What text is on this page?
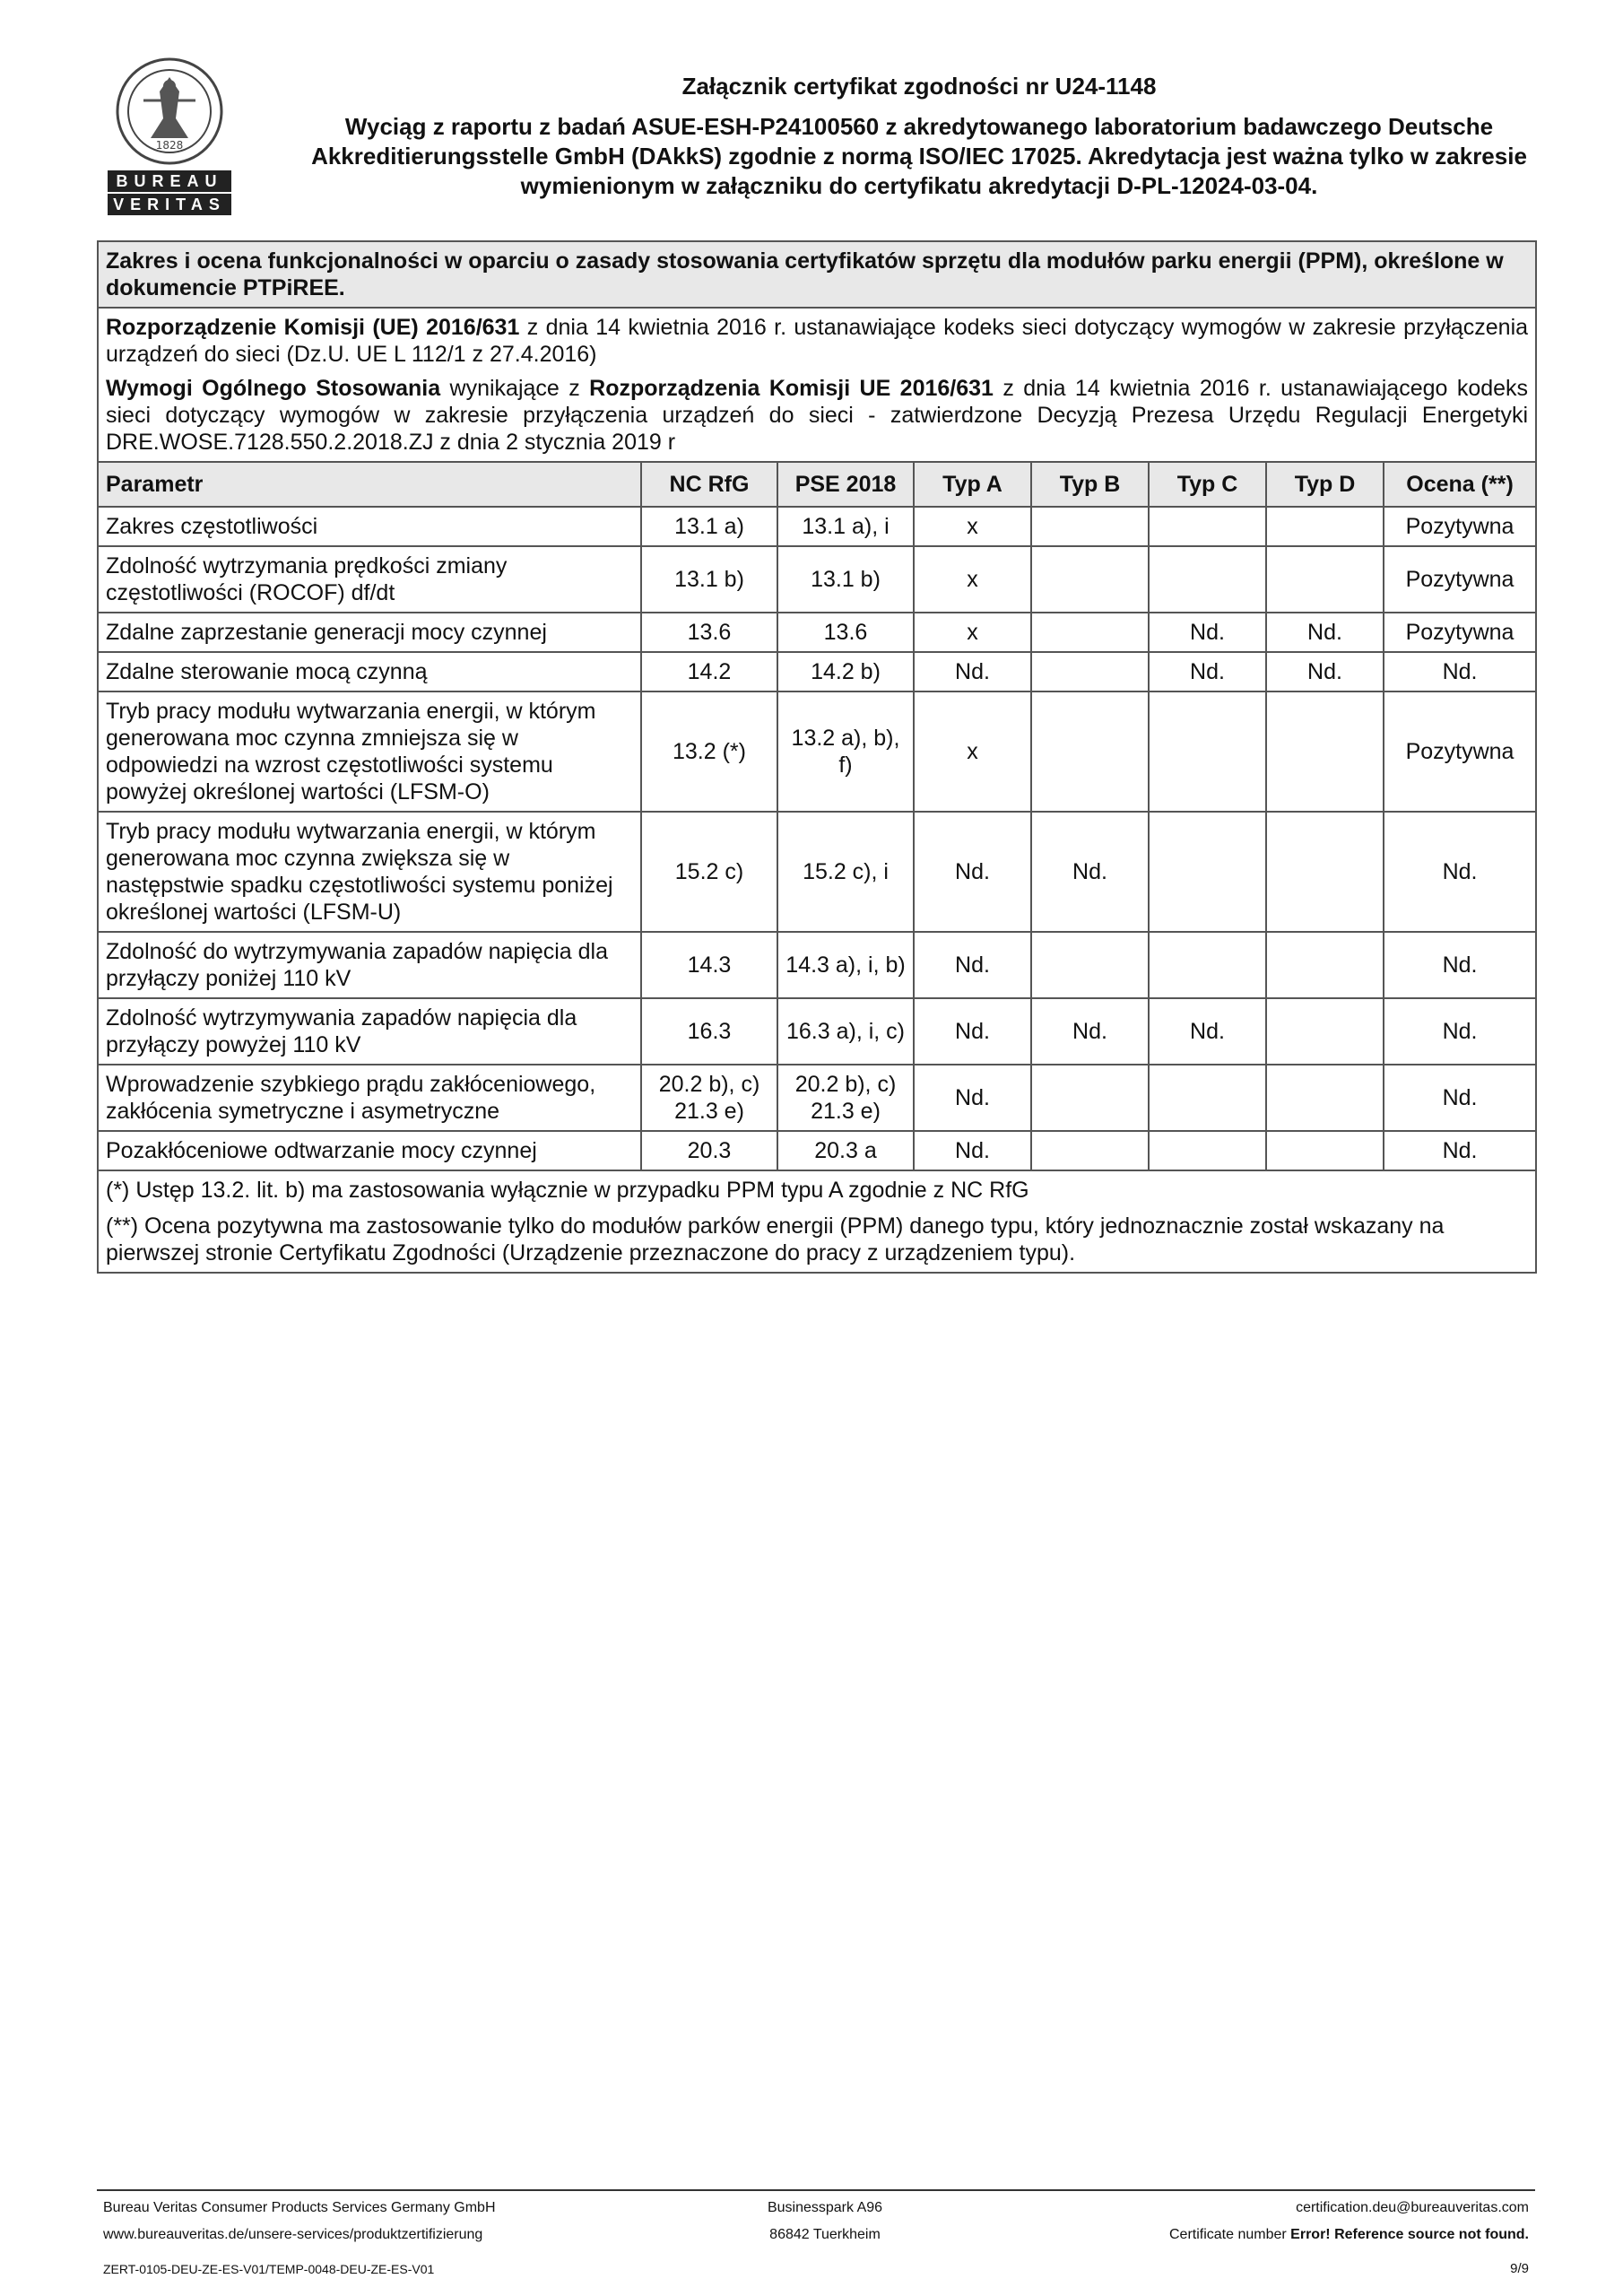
1828
BUREAU
VERITAS
Załącznik certyfikat zgodności nr U24-1148
Wyciąg z raportu z badań ASUE-ESH-P24100560 z akredytowanego laboratorium badawczego Deutsche Akkreditierungsstelle GmbH (DAkkS) zgodnie z normą ISO/IEC 17025. Akredytacja jest ważna tylko w zakresie wymienionym w załączniku do certyfikatu akredytacji D-PL-12024-03-04.
Zakres i ocena funkcjonalności w oparciu o zasady stosowania certyfikatów sprzętu dla modułów parku energii (PPM), określone w dokumencie PTPiREE.							

Rozporządzenie Komisji (UE) 2016/631 z dnia 14 kwietnia 2016 r. ustanawiające kodeks sieci dotyczący wymogów w zakresie przyłączenia urządzeń do sieci (Dz.U. UE L 112/1 z 27.4.2016)

Wymogi Ogólnego Stosowania wynikające z Rozporządzenia Komisji UE 2016/631 z dnia 14 kwietnia 2016 r. ustanawiającego kodeks sieci dotyczący wymogów w zakresie przyłączenia urządzeń do sieci - zatwierdzone Decyzją Prezesa Urzędu Regulacji Energetyki DRE.WOSE.7128.550.2.2018.ZJ z dnia 2 stycznia 2019 r							

Parametr	NC RfG	PSE 2018	Typ A	Typ B	Typ C	Typ D	Ocena (**)
Zakres częstotliwości	13.1 a)	13.1 a), i	x				Pozytywna
Zdolność wytrzymania prędkości zmiany częstotliwości (ROCOF) df/dt	13.1 b)	13.1 b)	x				Pozytywna
Zdalne zaprzestanie generacji mocy czynnej	13.6	13.6	x		Nd.	Nd.	Pozytywna
Zdalne sterowanie mocą czynną	14.2	14.2 b)	Nd.		Nd.	Nd.	Nd.
Tryb pracy modułu wytwarzania energii, w którym generowana moc czynna zmniejsza się w odpowiedzi na wzrost częstotliwości systemu powyżej określonej wartości (LFSM-O)	13.2 (*)	13.2 a), b), f)	x				Pozytywna
Tryb pracy modułu wytwarzania energii, w którym generowana moc czynna zwiększa się w następstwie spadku częstotliwości systemu poniżej określonej wartości (LFSM-U)	15.2 c)	15.2 c), i	Nd.	Nd.			Nd.
Zdolność do wytrzymywania zapadów napięcia dla przyłączy poniżej 110 kV	14.3	14.3 a), i, b)	Nd.				Nd.
Zdolność wytrzymywania zapadów napięcia dla przyłączy powyżej 110 kV	16.3	16.3 a), i, c)	Nd.	Nd.	Nd.		Nd.
Wprowadzenie szybkiego prądu zakłóceniowego, zakłócenia symetryczne i asymetryczne	20.2 b), c) 21.3 e)	20.2 b), c) 21.3 e)	Nd.				Nd.
Pozakłóceniowe odtwarzanie mocy czynnej	20.3	20.3 a	Nd.				Nd.

(*) Ustęp 13.2. lit. b) ma zastosowania wyłącznie w przypadku PPM typu A zgodnie z NC RfG

(**) Ocena pozytywna ma zastosowanie tylko do modułów parków energii (PPM) danego typu, który jednoznacznie został wskazany na pierwszej stronie Certyfikatu Zgodności (Urządzenie przeznaczone do pracy z urządzeniem typu).							

Bureau Veritas Consumer Products Services Germany GmbH
www.bureauveritas.de/unsere-services/produktzertifizierung
Businesspark A96
86842 Tuerkheim
certification.deu@bureauveritas.com
Certificate number Error! Reference source not found.
ZERT-0105-DEU-ZE-ES-V01/TEMP-0048-DEU-ZE-ES-V01	9/9
